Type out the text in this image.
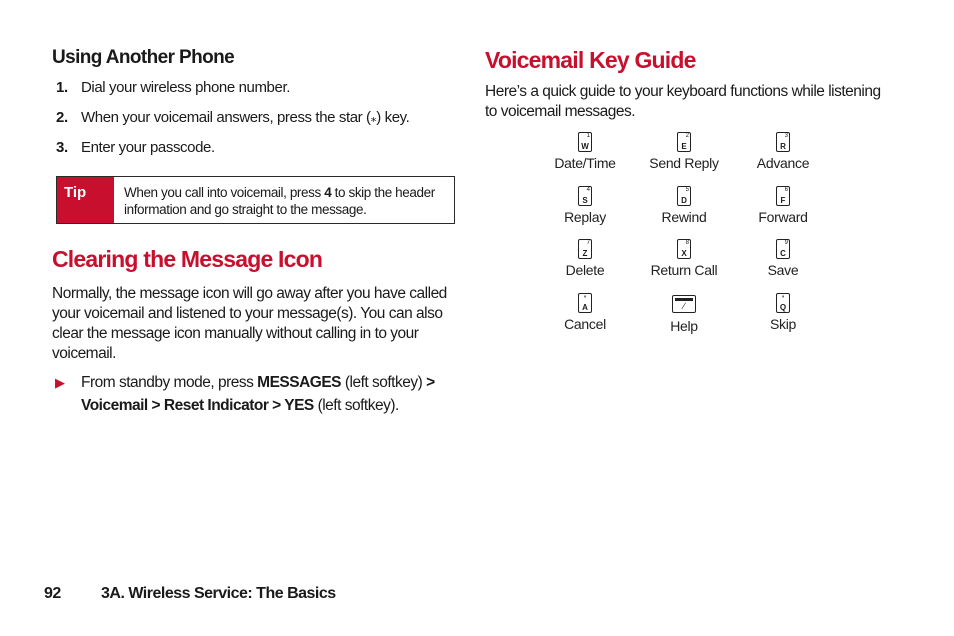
Using Another Phone
1. Dial your wireless phone number.
2. When your voicemail answers, press the star (⁎) key.
3. Enter your passcode.
Tip	When you call into voicemail, press 4 to skip the header information and go straight to the message.
Clearing the Message Icon
Normally, the message icon will go away after you have called your voicemail and listened to your message(s). You can also clear the message icon manually without calling in to your voicemail.
▶ From standby mode, press MESSAGES (left softkey) >
Voicemail > Reset Indicator > YES (left softkey).
Voicemail Key Guide
Here’s a quick guide to your keyboard functions while listening to voicemail messages.
1
W
Date/Time
2
E
Send Reply
3
R
Advance
4
S
Replay
5
D
Rewind
6
F
Forward
7
Z
Delete
8
X
Return Call
9
C
Save
*
A
Cancel
∕
Help
❛
Q
Skip
92	3A. Wireless Service: The Basics
